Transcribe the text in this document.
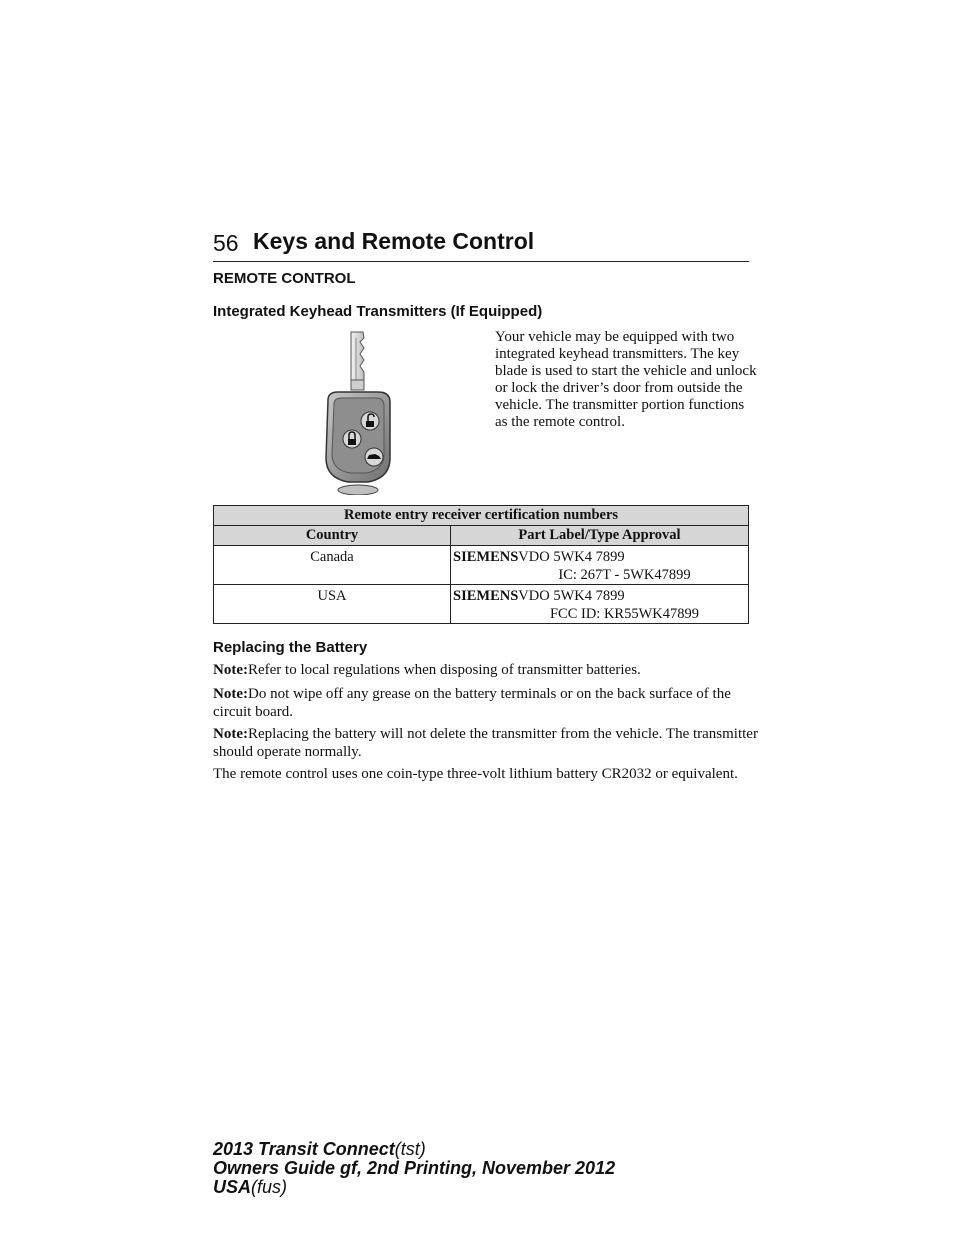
56 Keys and Remote Control
REMOTE CONTROL
Integrated Keyhead Transmitters (If Equipped)
Your vehicle may be equipped with two integrated keyhead transmitters. The key blade is used to start the vehicle and unlock or lock the driver’s door from outside the vehicle. The transmitter portion functions as the remote control.
Remote entry receiver certification numbers	
Country	Part Label/Type Approval
Canada	SIEMENSVDO 5WK4 7899
IC: 267T - 5WK47899

USA	SIEMENSVDO 5WK4 7899
FCC ID: KR55WK47899
Replacing the Battery
Note:Refer to local regulations when disposing of transmitter batteries.
Note:Do not wipe off any grease on the battery terminals or on the back surface of the circuit board.
Note:Replacing the battery will not delete the transmitter from the vehicle. The transmitter should operate normally.
The remote control uses one coin-type three-volt lithium battery CR2032 or equivalent.
2013 Transit Connect(tst)
Owners Guide gf, 2nd Printing, November 2012
USA(fus)
